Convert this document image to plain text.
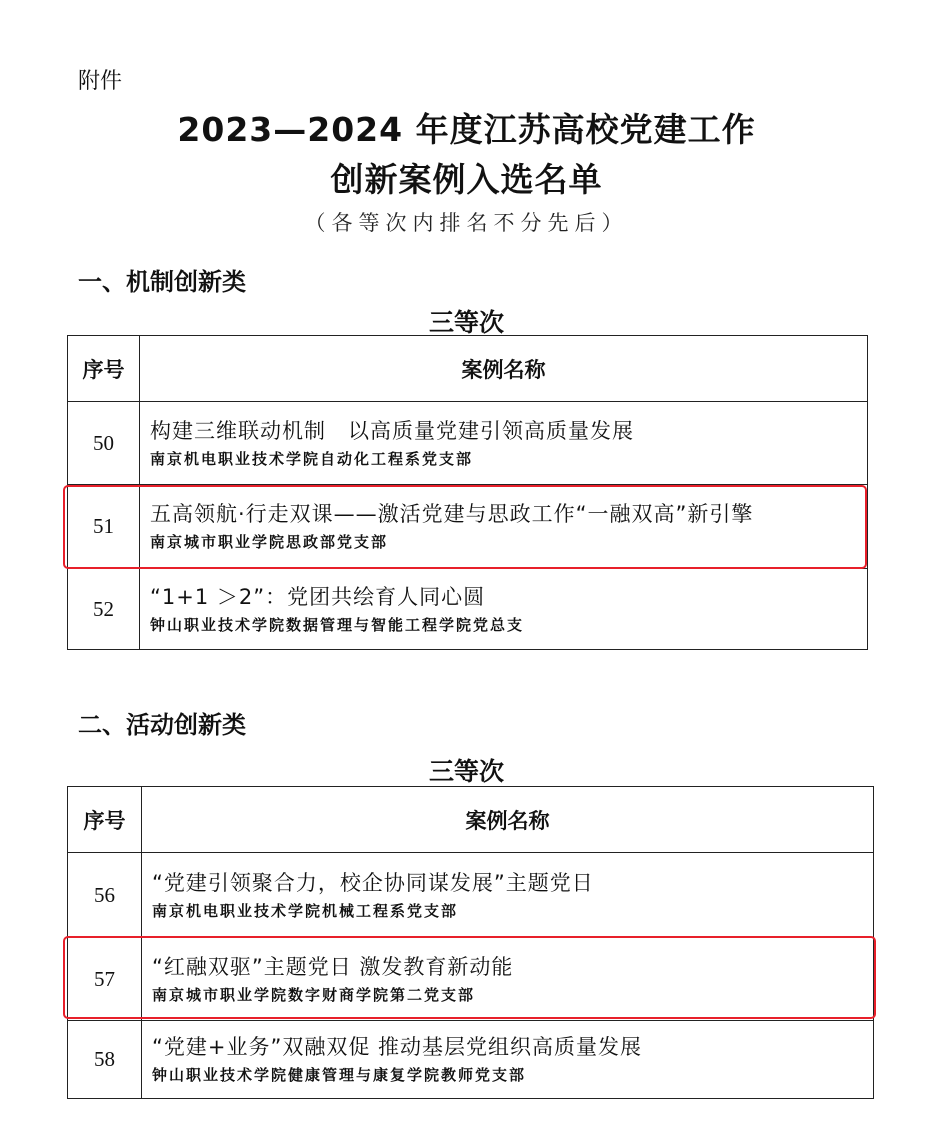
附件
2023—2024 年度江苏高校党建工作
创新案例入选名单
（各等次内排名不分先后）
一、机制创新类
三等次
序号	案例名称
50	构建三维联动机制　以高质量党建引领高质量发展
南京机电职业技术学院自动化工程系党支部

51	五高领航·行走双课——激活党建与思政工作“一融双高”新引擎
南京城市职业学院思政部党支部

52	“1+1 ＞2”：党团共绘育人同心圆
钟山职业技术学院数据管理与智能工程学院党总支
二、活动创新类
三等次
序号	案例名称
56	“党建引领聚合力，校企协同谋发展”主题党日
南京机电职业技术学院机械工程系党支部

57	“红融双驱”主题党日 激发教育新动能
南京城市职业学院数字财商学院第二党支部

58	“党建+业务”双融双促 推动基层党组织高质量发展
钟山职业技术学院健康管理与康复学院教师党支部
